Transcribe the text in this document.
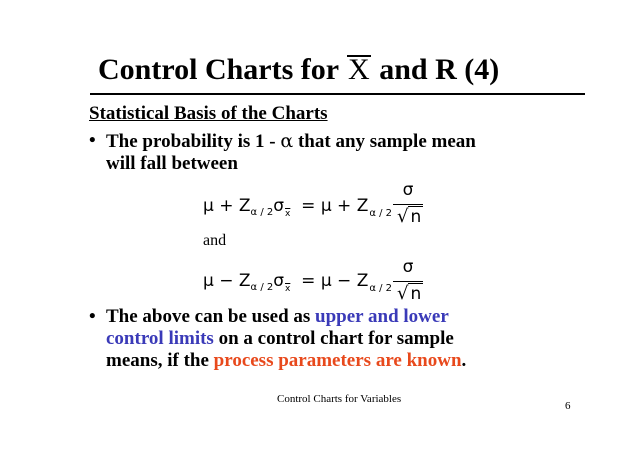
Control Charts for X and R (4)
Statistical Basis of the Charts
• The probability is 1 - α that any sample mean
will fall between
$\mu + Z_{\alpha / 2}\sigma_{\overline{x}} = \mu + Z_{\alpha / 2}$
σ
√ n
and
$\mu - Z_{\alpha / 2}\sigma_{\overline{x}} = \mu - Z_{\alpha / 2}$
σ
√ n
• The above can be used as upper and lower
control limits on a control chart for sample
means, if the process parameters are known.
Control Charts for Variables
6
